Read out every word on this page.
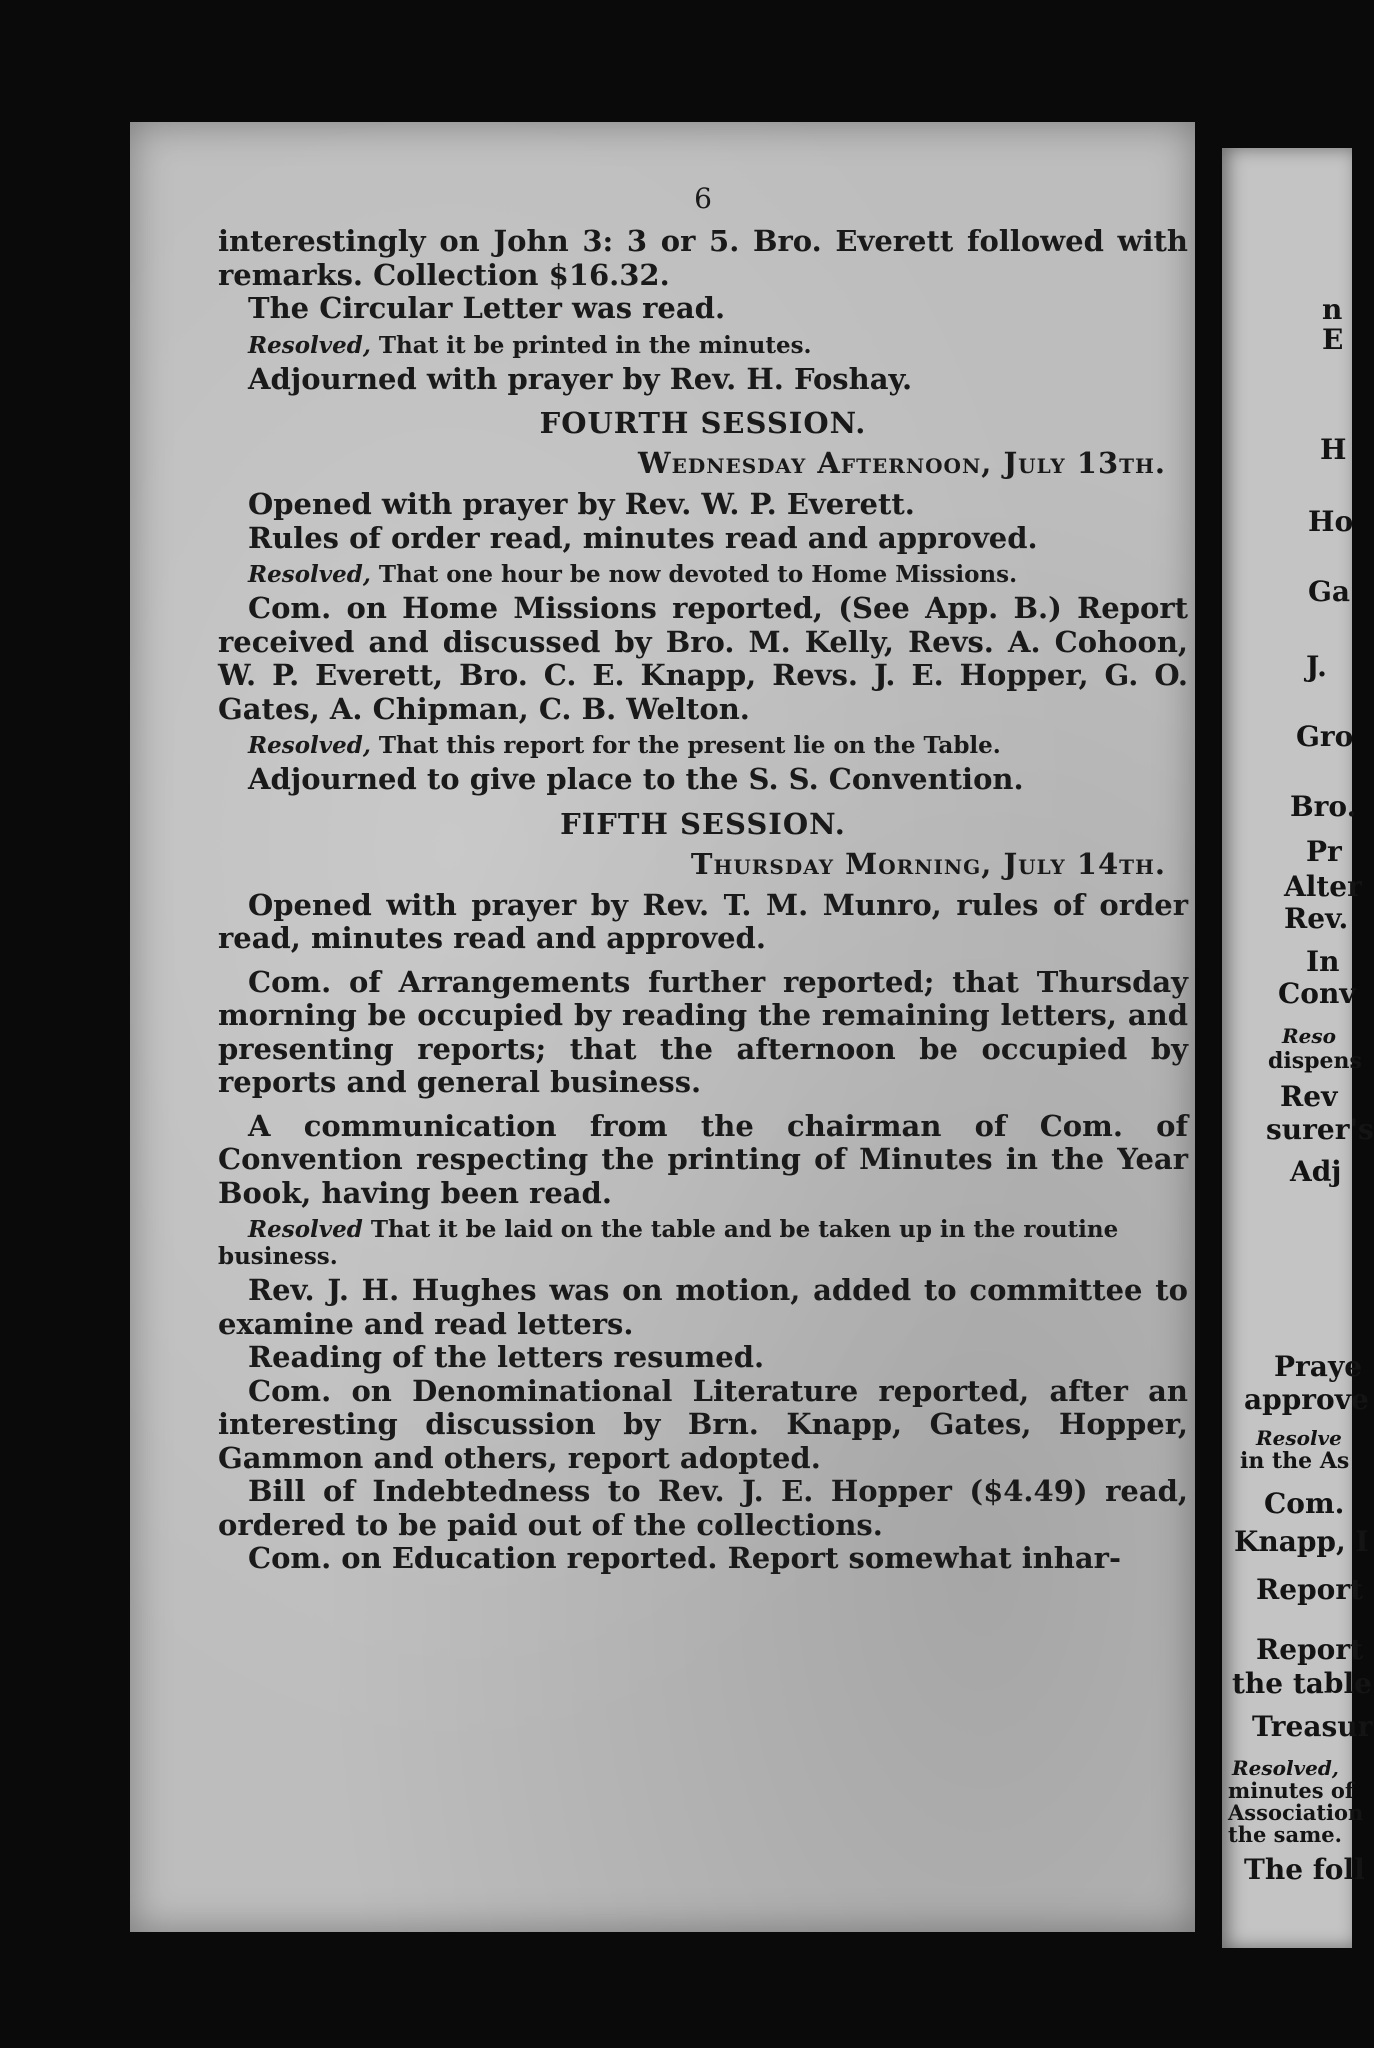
6

interestingly on John 3: 3 or 5. Bro. Everett followed with remarks. Collection $16.32.

The Circular Letter was read.

Resolved, That it be printed in the minutes.

Adjourned with prayer by Rev. H. Foshay.

FOURTH SESSION.
Wednesday Afternoon, July 13th.

Opened with prayer by Rev. W. P. Everett.

Rules of order read, minutes read and approved.

Resolved, That one hour be now devoted to Home Missions.

Com. on Home Missions reported, (See App. B.) Report received and discussed by Bro. M. Kelly, Revs. A. Cohoon, W. P. Everett, Bro. C. E. Knapp, Revs. J. E. Hopper, G. O. Gates, A. Chipman, C. B. Welton.

Resolved, That this report for the present lie on the Table.

Adjourned to give place to the S. S. Convention.

FIFTH SESSION.
Thursday Morning, July 14th.

Opened with prayer by Rev. T. M. Munro, rules of order read, minutes read and approved.

Com. of Arrangements further reported; that Thursday morning be occupied by reading the remaining letters, and presenting reports; that the afternoon be occupied by reports and general business.

A communication from the chairman of Com. of Convention respecting the printing of Minutes in the Year Book, having been read.

Resolved That it be laid on the table and be taken up in the routine business.

Rev. J. H. Hughes was on motion, added to committee to examine and read letters.

Reading of the letters resumed.

Com. on Denominational Literature reported, after an interesting discussion by Brn. Knapp, Gates, Hopper, Gammon and others, report adopted.

Bill of Indebtedness to Rev. J. E. Hopper ($4.49) read, ordered to be paid out of the collections.

Com. on Education reported. Report somewhat inhar-

n
E
H
Ho
Ga
J.
Gro
Bro.
Pr
Alter
Rev.
In
Conv
Reso
dispens
Rev
surer's
Adj
Praye
approve
Resolve
in the As
Com.
Knapp, I
Report
Report
the table
Treasur
Resolved,
minutes of
Association
the same.
The foll
